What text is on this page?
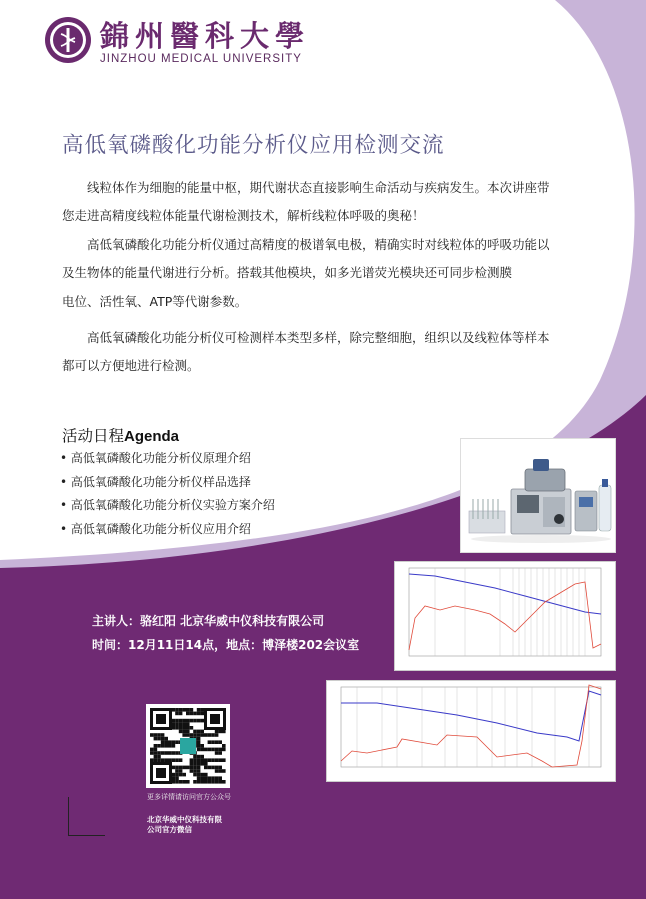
錦州醫科大學
JINZHOU MEDICAL UNIVERSITY
高低氧磷酸化功能分析仪应用检测交流
线粒体作为细胞的能量中枢，期代谢状态直接影响生命活动与疾病发生。本次讲座带您走进高精度线粒体能量代谢检测技术，解析线粒体呼吸的奥秘！
高低氧磷酸化功能分析仪通过高精度的极谱氧电极，精确实时对线粒体的呼吸功能以及生物体的能量代谢进行分析。搭载其他模块，如多光谱荧光模块还可同步检测膜
电位、活性氧、ATP等代谢参数。
高低氧磷酸化功能分析仪可检测样本类型多样，除完整细胞，组织以及线粒体等样本都可以方便地进行检测。
活动日程Agenda
• 高低氧磷酸化功能分析仪原理介绍
• 高低氧磷酸化功能分析仪样品选择
• 高低氧磷酸化功能分析仪实验方案介绍
• 高低氧磷酸化功能分析仪应用介绍
主讲人：骆红阳 北京华威中仪科技有限公司
时间：12月11日14点，地点：博泽楼202会议室
更多详情请访问官方公众号
北京华威中仪科技有限
公司官方微信
